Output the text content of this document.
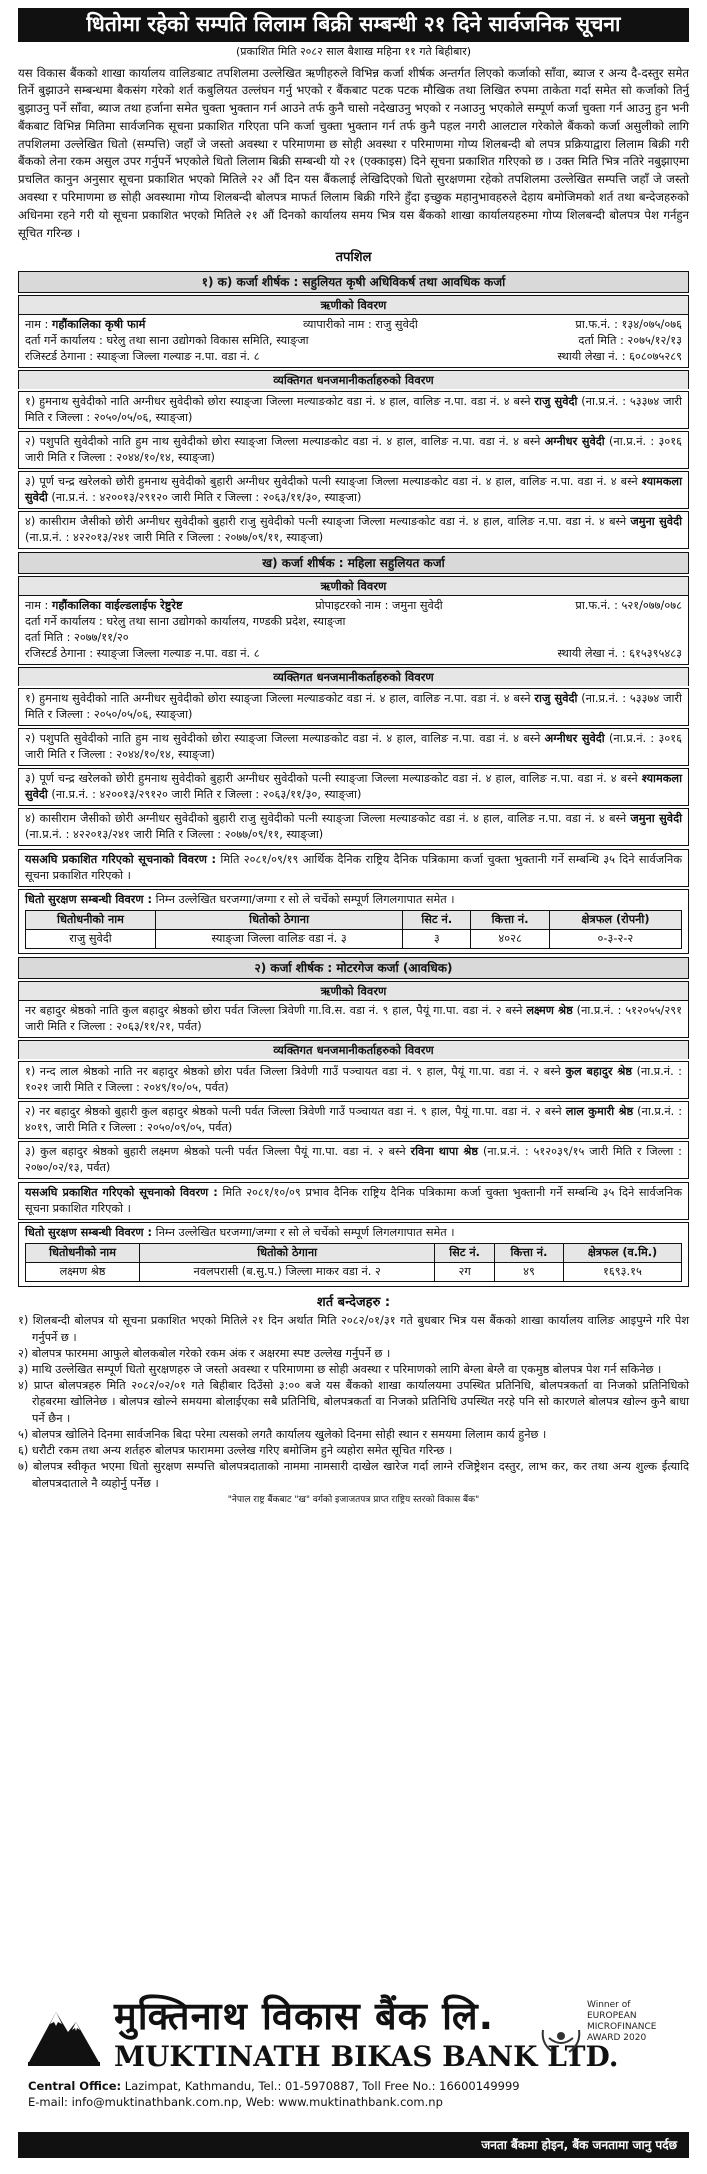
धितोमा रहेको सम्पति लिलाम बिक्री सम्बन्धी २१ दिने सार्वजनिक सूचना
(प्रकाशित मिति २०८२ साल बैशाख महिना ११ गते बिहीबार)

यस विकास बैंकको शाखा कार्यालय वालिङबाट तपशिलमा उल्लेखित ऋणीहरुले विभिन्न कर्जा शीर्षक अन्तर्गत लिएको कर्जाको साँवा, ब्याज र अन्य दै-दस्तुर समेत तिर्ने बुझाउने सम्बन्धमा बैकसंग गरेको शर्त कबुलियत उल्लंघन गर्नु भएको र बैंकबाट पटक पटक मौखिक तथा लिखित रुपमा ताकेता गर्दा समेत सो कर्जाको तिर्नु बुझाउनु पर्ने साँवा, ब्याज तथा हर्जाना समेत चुक्ता भुक्तान गर्न आउने तर्फ कुनै चासो नदेखाउनु भएको र नआउनु भएकोले सम्पूर्ण कर्जा चुक्ता गर्न आउनु हुन भनी बैंकबाट विभिन्न मितिमा सार्वजनिक सूचना प्रकाशित गरिएता पनि कर्जा चुक्ता भुक्तान गर्न तर्फ कुनै पहल नगरी आलटाल गरेकोले बैंकको कर्जा असुलीको लागि तपशिलमा उल्लेखित धितो (सम्पत्ति) जहाँ जे जस्तो अवस्था र परिमाणमा छ सोही अवस्था र परिमाणमा गोप्य शिलबन्दी बो लपत्र प्रक्रियाद्वारा लिलाम बिक्री गरी बैंकको लेना रकम असुल उपर गर्नुपर्ने भएकोले धितो लिलाम बिक्री सम्बन्धी यो २१ (एक्काइस) दिने सूचना प्रकाशित गरिएको छ । उक्त मिति भित्र नतिरे नबुझाएमा प्रचलित कानुन अनुसार सूचना प्रकाशित भएको मितिले २२ औं दिन यस बैंकलाई लेखिदिएको धितो सुरक्षणमा रहेको तपशिलमा उल्लेखित सम्पत्ति जहाँ जे जस्तो अवस्था र परिमाणमा छ सोही अवस्थामा गोप्य शिलबन्दी बोलपत्र माफर्त लिलाम बिक्री गरिने हुँदा इच्छुक महानुभावहरुले देहाय बमोजिमको शर्त तथा बन्देजहरुको अधिनमा रहने गरी यो सूचना प्रकाशित भएको मितिले २१ औं दिनको कार्यालय समय भित्र यस बैंकको शाखा कार्यालयहरुमा गोप्य शिलबन्दी बोलपत्र पेश गर्नहुन सूचित गरिन्छ ।

तपशिल
१) क) कर्जा शीर्षक : सहुलियत कृषी अधिविकर्ष तथा आवधिक कर्जा
ऋणीको विवरण
नाम : गहौंकालिका कृषी फार्म	व्यापारीको नाम : राजु सुवेदी	प्रा.फ.नं. : १३४/०७५/०७६
दर्ता गर्ने कार्यालय : घरेलु तथा साना उद्योगको विकास समिति, स्याङ्जा	दर्ता मिति : २०७५/१२/१३
रजिस्टर्ड ठेगाना : स्याङ्जा जिल्ला गल्याङ न.पा. वडा नं. ८	स्थायी लेखा नं. : ६०८०७५२८९
व्यक्तिगत धनजमानीकर्ताहरुको विवरण
१) हुमनाथ सुवेदीको नाति अग्नीधर सुवेदीको छोरा स्याङ्जा जिल्ला मल्याङकोट वडा नं. ४ हाल, वालिङ न.पा. वडा नं. ४ बस्ने राजु सुवेदी (ना.प्र.नं. : ५३३७४ जारी मिति र जिल्ला : २०५०/०५/०६, स्याङ्जा)
२) पशुपति सुवेदीको नाति हुम नाथ सुवेदीको छोरा स्याङ्जा जिल्ला मल्याङकोट वडा नं. ४ हाल, वालिङ न.पा. वडा नं. ४ बस्ने अग्नीधर सुवेदी (ना.प्र.नं. : ३०१६ जारी मिति र जिल्ला : २०४४/१०/१४, स्याङ्जा)
३) पूर्ण चन्द्र खरेलको छोरी हुमनाथ सुवेदीको बुहारी अग्नीधर सुवेदीको पत्नी स्याङ्जा जिल्ला मल्याङकोट वडा नं. ४ हाल, वालिङ न.पा. वडा नं. ४ बस्ने श्यामकला सुवेदी (ना.प्र.नं. : ४२००१३/२९१२० जारी मिति र जिल्ला : २०६३/११/३०, स्याङ्जा)
४) कासीराम जैसीको छोरी अग्नीधर सुवेदीको बुहारी राजु सुवेदीको पत्नी स्याङ्जा जिल्ला मल्याङकोट वडा नं. ४ हाल, वालिङ न.पा. वडा नं. ४ बस्ने जमुना सुवेदी (ना.प्र.नं. : ४२२०१३/२४१ जारी मिति र जिल्ला : २०७७/०९/११, स्याङ्जा)
ख) कर्जा शीर्षक : महिला सहुलियत कर्जा
ऋणीको विवरण
नाम : गहौंकालिका वाईल्डलाईफ रेष्टुरेष्ट	प्रोपाइटरको नाम : जमुना सुवेदी	प्रा.फ.नं. : ५२१/०७७/०७८
दर्ता गर्ने कार्यालय : घरेलु तथा साना उद्योगको कार्यालय, गण्डकी प्रदेश, स्याङ्जा
दर्ता मिति : २०७७/११/२०
रजिस्टर्ड ठेगाना : स्याङ्जा जिल्ला गल्याङ न.पा. वडा नं. ८	स्थायी लेखा नं. : ६१५३९५४८३
व्यक्तिगत धनजमानीकर्ताहरुको विवरण
१) हुमनाथ सुवेदीको नाति अग्नीधर सुवेदीको छोरा स्याङ्जा जिल्ला मल्याङकोट वडा नं. ४ हाल, वालिङ न.पा. वडा नं. ४ बस्ने राजु सुवेदी (ना.प्र.नं. : ५३३७४ जारी मिति र जिल्ला : २०५०/०५/०६, स्याङ्जा)
२) पशुपति सुवेदीको नाति हुम नाथ सुवेदीको छोरा स्याङ्जा जिल्ला मल्याङकोट वडा नं. ४ हाल, वालिङ न.पा. वडा नं. ४ बस्ने अग्नीधर सुवेदी (ना.प्र.नं. : ३०१६ जारी मिति र जिल्ला : २०४४/१०/१४, स्याङ्जा)
३) पूर्ण चन्द्र खरेलको छोरी हुमनाथ सुवेदीको बुहारी अग्नीधर सुवेदीको पत्नी स्याङ्जा जिल्ला मल्याङकोट वडा नं. ४ हाल, वालिङ न.पा. वडा नं. ४ बस्ने श्यामकला सुवेदी (ना.प्र.नं. : ४२००१३/२९१२० जारी मिति र जिल्ला : २०६३/११/३०, स्याङ्जा)
४) कासीराम जैसीको छोरी अग्नीधर सुवेदीको बुहारी राजु सुवेदीको पत्नी स्याङ्जा जिल्ला मल्याङकोट वडा नं. ४ हाल, वालिङ न.पा. वडा नं. ४ बस्ने जमुना सुवेदी (ना.प्र.नं. : ४२२०१३/२४१ जारी मिति र जिल्ला : २०७७/०९/११, स्याङ्जा)
यसअघि प्रकाशित गरिएको सूचनाको विवरण : मिति २०८१/०९/१९ आर्थिक दैनिक राष्ट्रिय दैनिक पत्रिकामा कर्जा चुक्ता भुक्तानी गर्ने सम्बन्धि ३५ दिने सार्वजनिक सूचना प्रकाशित गरिएको ।
धितो सुरक्षण सम्बन्धी विवरण : निम्न उल्लेखित घरजग्गा/जग्गा र सो ले चर्चेको सम्पूर्ण लिगलगापात समेत ।
धितोधनीको नाम	धितोको ठेगाना	सिट नं.	कित्ता नं.	क्षेत्रफल (रोपनी)
राजु सुवेदी	स्याङ्जा जिल्ला वालिङ वडा नं. ३	३	४०२८	०-३-२-२
२) कर्जा शीर्षक : मोटरगेज कर्जा (आवधिक)
ऋणीको विवरण
नर बहादुर श्रेष्ठको नाति कुल बहादुर श्रेष्ठको छोरा पर्वत जिल्ला त्रिवेणी गा.वि.स. वडा नं. ९ हाल, पैयूं गा.पा. वडा नं. २ बस्ने लक्ष्मण श्रेष्ठ (ना.प्र.नं. : ५१२०५५/२९१ जारी मिति र जिल्ला : २०६३/११/२१, पर्वत)
व्यक्तिगत धनजमानीकर्ताहरुको विवरण
१) नन्द लाल श्रेष्ठको नाति नर बहादुर श्रेष्ठको छोरा पर्वत जिल्ला त्रिवेणी गाउँ पञ्चायत वडा नं. ९ हाल, पैयूं गा.पा. वडा नं. २ बस्ने कुल बहादुर श्रेष्ठ (ना.प्र.नं. : १०२१ जारी मिति र जिल्ला : २०४९/१०/०५, पर्वत)
२) नर बहादुर श्रेष्ठको बुहारी कुल बहादुर श्रेष्ठको पत्नी पर्वत जिल्ला त्रिवेणी गाउँ पञ्चायत वडा नं. ९ हाल, पैयूं गा.पा. वडा नं. २ बस्ने लाल कुमारी श्रेष्ठ (ना.प्र.नं. : ४०१९, जारी मिति र जिल्ला : २०५०/०९/०५, पर्वत)
३) कुल बहादुर श्रेष्ठको बुहारी लक्ष्मण श्रेष्ठको पत्नी पर्वत जिल्ला पैयूं गा.पा. वडा नं. २ बस्ने रविना थापा श्रेष्ठ (ना.प्र.नं. : ५१२०३९/१५ जारी मिति र जिल्ला : २०७०/०२/१३, पर्वत)
यसअघि प्रकाशित गरिएको सूचनाको विवरण : मिति २०८१/१०/०९ प्रभाव दैनिक राष्ट्रिय दैनिक पत्रिकामा कर्जा चुक्ता भुक्तानी गर्ने सम्बन्धि ३५ दिने सार्वजनिक सूचना प्रकाशित गरिएको ।
धितो सुरक्षण सम्बन्धी विवरण : निम्न उल्लेखित घरजग्गा/जग्गा र सो ले चर्चेको सम्पूर्ण लिगलगापात समेत ।
धितोधनीको नाम	धितोको ठेगाना	सिट नं.	कित्ता नं.	क्षेत्रफल (व.मि.)
लक्ष्मण श्रेष्ठ	नवलपरासी (ब.सु.प.) जिल्ला माकर वडा नं. २	२ग	४९	१६९३.१५
शर्त बन्देजहरु :
१) शिलबन्दी बोलपत्र यो सूचना प्रकाशित भएको मितिले २१ दिन अर्थात मिति २०८२/०१/३१ गते बुधबार भित्र यस बैंकको शाखा कार्यालय वालिङ आइपुग्ने गरि पेश गर्नुपर्ने छ ।
२) बोलपत्र फारममा आफुले बोलकबोल गरेको रकम अंक र अक्षरमा स्पष्ट उल्लेख गर्नुपर्ने छ ।
३) माथि उल्लेखित सम्पूर्ण धितो सुरक्षणहरु जे जस्तो अवस्था र परिमाणमा छ सोही अवस्था र परिमाणको लागि बेग्ला बेग्लै वा एकमुष्ठ बोलपत्र पेश गर्न सकिनेछ ।
४) प्राप्त बोलपत्रहरु मिति २०८२/०२/०१ गते बिहीबार दिउँसो ३:०० बजे यस बैंकको शाखा कार्यालयमा उपस्थित प्रतिनिधि, बोलपत्रकर्ता वा निजको प्रतिनिधिको रोहबरमा खोलिनेछ । बोलपत्र खोल्ने समयमा बोलाईएका सबै प्रतिनिधि, बोलपत्रकर्ता वा निजको प्रतिनिधि उपस्थित नरहे पनि सो कारणले बोलपत्र खोल्न कुनै बाधा पर्ने छैन ।
५) बोलपत्र खोलिने दिनमा सार्वजनिक बिदा परेमा त्यसको लगतै कार्यालय खुलेको दिनमा सोही स्थान र समयमा लिलाम कार्य हुनेछ ।
६) धरौटी रकम तथा अन्य शर्तहरु बोलपत्र फाराममा उल्लेख गरिए बमोजिम हुने व्यहोरा समेत सूचित गरिन्छ ।
७) बोलपत्र स्वीकृत भएमा धितो सुरक्षण सम्पत्ति बोलपत्रदाताको नाममा नामसारी दाखेल खारेज गर्दा लाग्ने रजिष्ट्रेशन दस्तुर, लाभ कर, कर तथा अन्य शुल्क ईत्यादि बोलपत्रदाताले नै व्यहोर्नु पर्नेछ ।
"नेपाल राष्ट्र बैंकबाट "ख" वर्गको इजाजतपत्र प्राप्त राष्ट्रिय स्तरको विकास बैंक"
मुक्तिनाथ विकास बैंक लि.
MUKTINATH BIKAS BANK LTD.
Winner of
EUROPEAN
MICROFINANCE
AWARD 2020
Central Office: Lazimpat, Kathmandu, Tel.: 01-5970887, Toll Free No.: 16600149999
E-mail: info@muktinathbank.com.np, Web: www.muktinathbank.com.np
जनता बैंकमा होइन, बैंक जनतामा जानु पर्दछ
